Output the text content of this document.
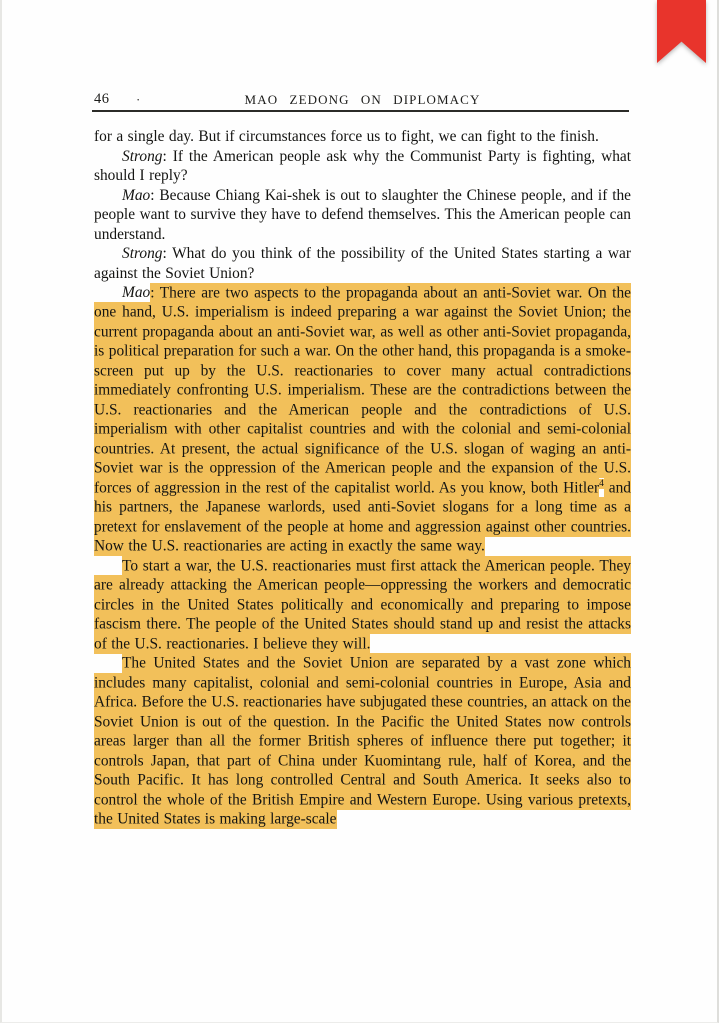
46 ·	MAO ZEDONG ON DIPLOMACY

for a single day. But if circumstances force us to fight, we can fight to the finish.

Strong: If the American people ask why the Communist Party is fighting, what should I reply?

Mao: Because Chiang Kai-shek is out to slaughter the Chinese people, and if the people want to survive they have to defend themselves. This the American people can understand.

Strong: What do you think of the possibility of the United States starting a war against the Soviet Union?

Mao: There are two aspects to the propaganda about an anti-Soviet war. On the one hand, U.S. imperialism is indeed preparing a war against the Soviet Union; the current propaganda about an anti-Soviet war, as well as other anti-Soviet propaganda, is political preparation for such a war. On the other hand, this propaganda is a smoke-screen put up by the U.S. reactionaries to cover many actual contradictions immediately confronting U.S. imperialism. These are the contradictions between the U.S. reactionaries and the American people and the contradictions of U.S. imperialism with other capitalist countries and with the colonial and semi-colonial countries. At present, the actual significance of the U.S. slogan of waging an anti-Soviet war is the oppression of the American people and the expansion of the U.S. forces of aggression in the rest of the capitalist world. As you know, both Hitler$^4$ and his partners, the Japanese warlords, used anti-Soviet slogans for a long time as a pretext for enslavement of the people at home and aggression against other countries. Now the U.S. reactionaries are acting in exactly the same way.

To start a war, the U.S. reactionaries must first attack the American people. They are already attacking the American people—oppressing the workers and democratic circles in the United States politically and economically and preparing to impose fascism there. The people of the United States should stand up and resist the attacks of the U.S. reactionaries. I believe they will.

The United States and the Soviet Union are separated by a vast zone which includes many capitalist, colonial and semi-colonial countries in Europe, Asia and Africa. Before the U.S. reactionaries have subjugated these countries, an attack on the Soviet Union is out of the question. In the Pacific the United States now controls areas larger than all the former British spheres of influence there put together; it controls Japan, that part of China under Kuomintang rule, half of Korea, and the South Pacific. It has long controlled Central and South America. It seeks also to control the whole of the British Empire and Western Europe. Using various pretexts, the United States is making large-scale
